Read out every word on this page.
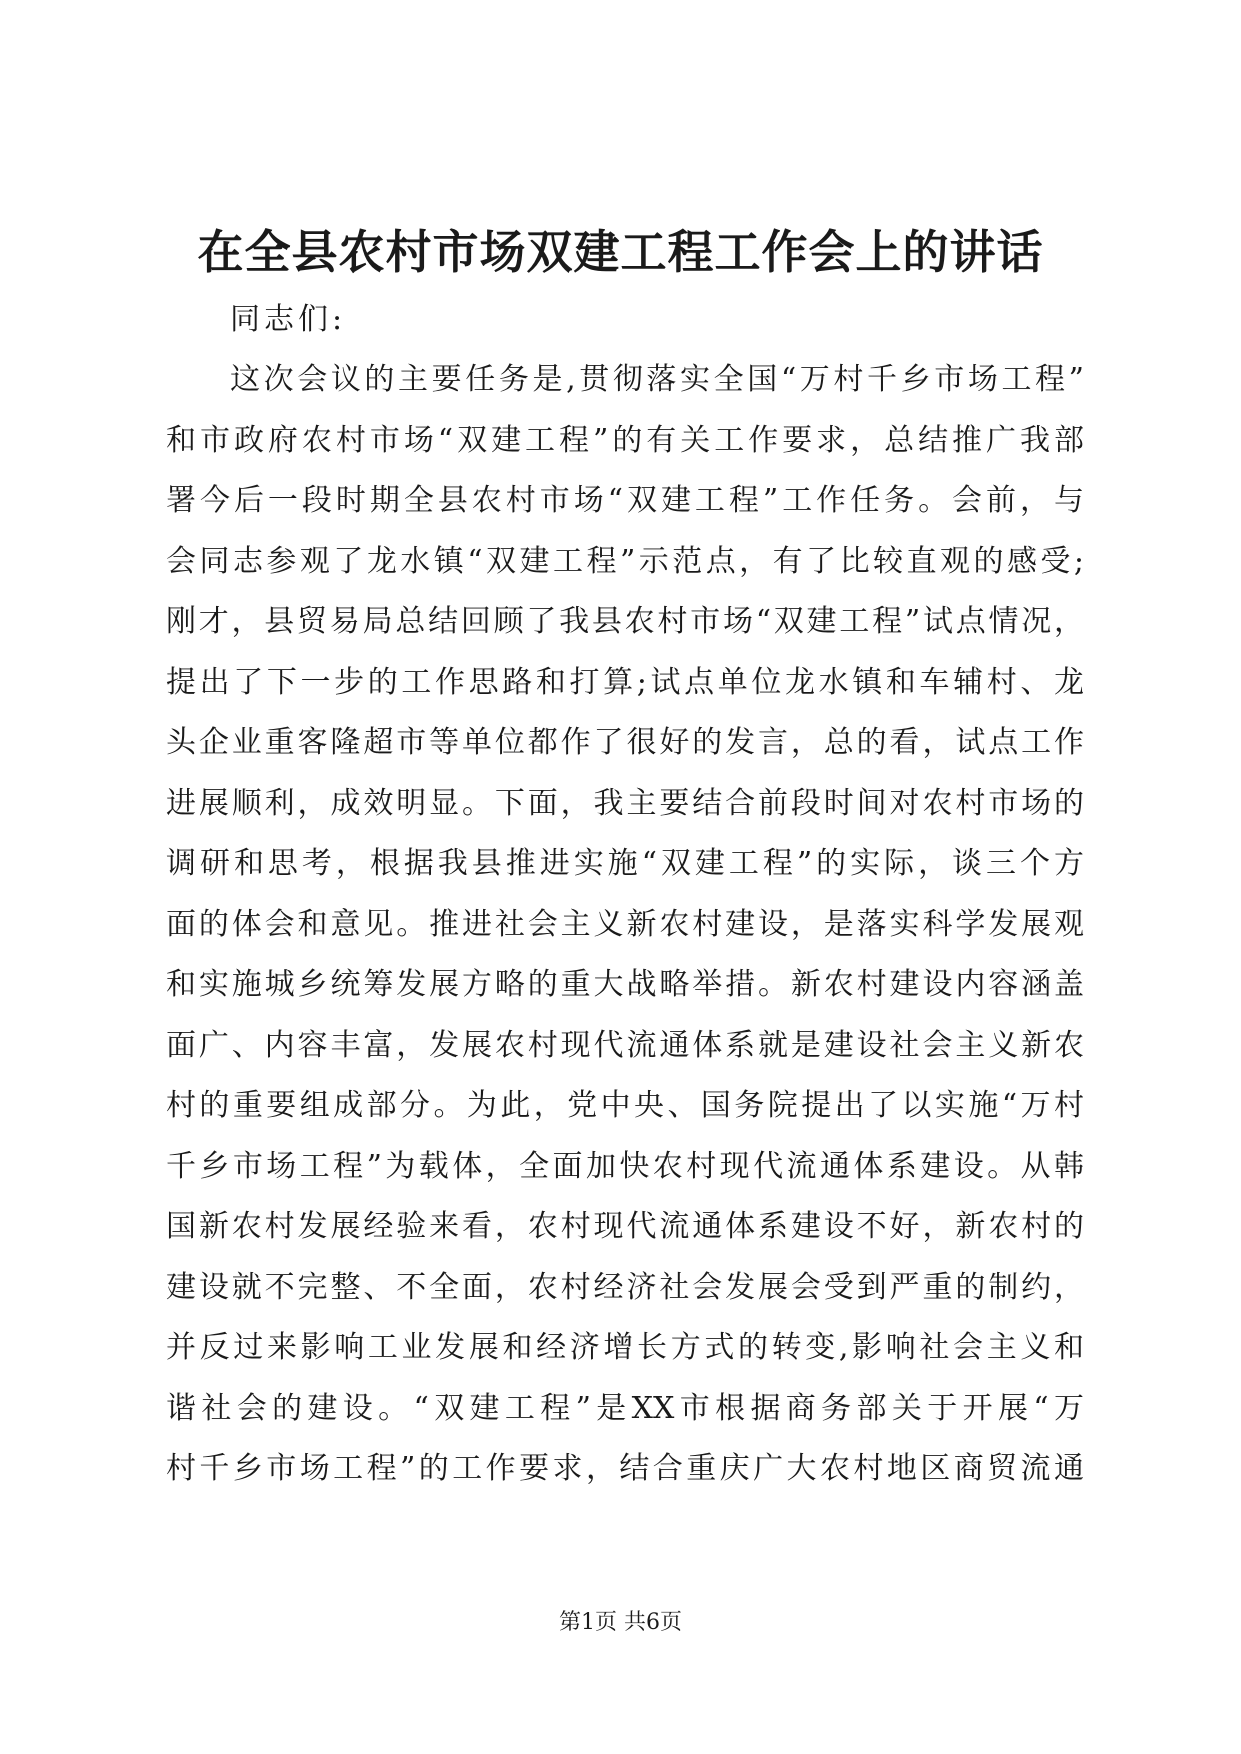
在全县农村市场双建工程工作会上的讲话

同志们:

这次会议的主要任务是,贯彻落实全国“万村千乡市场工程”
和市政府农村市场“双建工程”的有关工作要求，总结推广我部
署今后一段时期全县农村市场“双建工程”工作任务。会前，与
会同志参观了龙水镇“双建工程”示范点，有了比较直观的感受;
刚才，县贸易局总结回顾了我县农村市场“双建工程”试点情况，
提出了下一步的工作思路和打算;试点单位龙水镇和车辅村、龙
头企业重客隆超市等单位都作了很好的发言，总的看，试点工作
进展顺利，成效明显。下面，我主要结合前段时间对农村市场的
调研和思考，根据我县推进实施“双建工程”的实际，谈三个方
面的体会和意见。推进社会主义新农村建设，是落实科学发展观
和实施城乡统筹发展方略的重大战略举措。新农村建设内容涵盖
面广、内容丰富，发展农村现代流通体系就是建设社会主义新农
村的重要组成部分。为此，党中央、国务院提出了以实施“万村
千乡市场工程”为载体，全面加快农村现代流通体系建设。从韩
国新农村发展经验来看，农村现代流通体系建设不好，新农村的
建设就不完整、不全面，农村经济社会发展会受到严重的制约，
并反过来影响工业发展和经济增长方式的转变,影响社会主义和
谐社会的建设。“双建工程”是XX市根据商务部关于开展“万
村千乡市场工程”的工作要求，结合重庆广大农村地区商贸流通

第1页 共6页
